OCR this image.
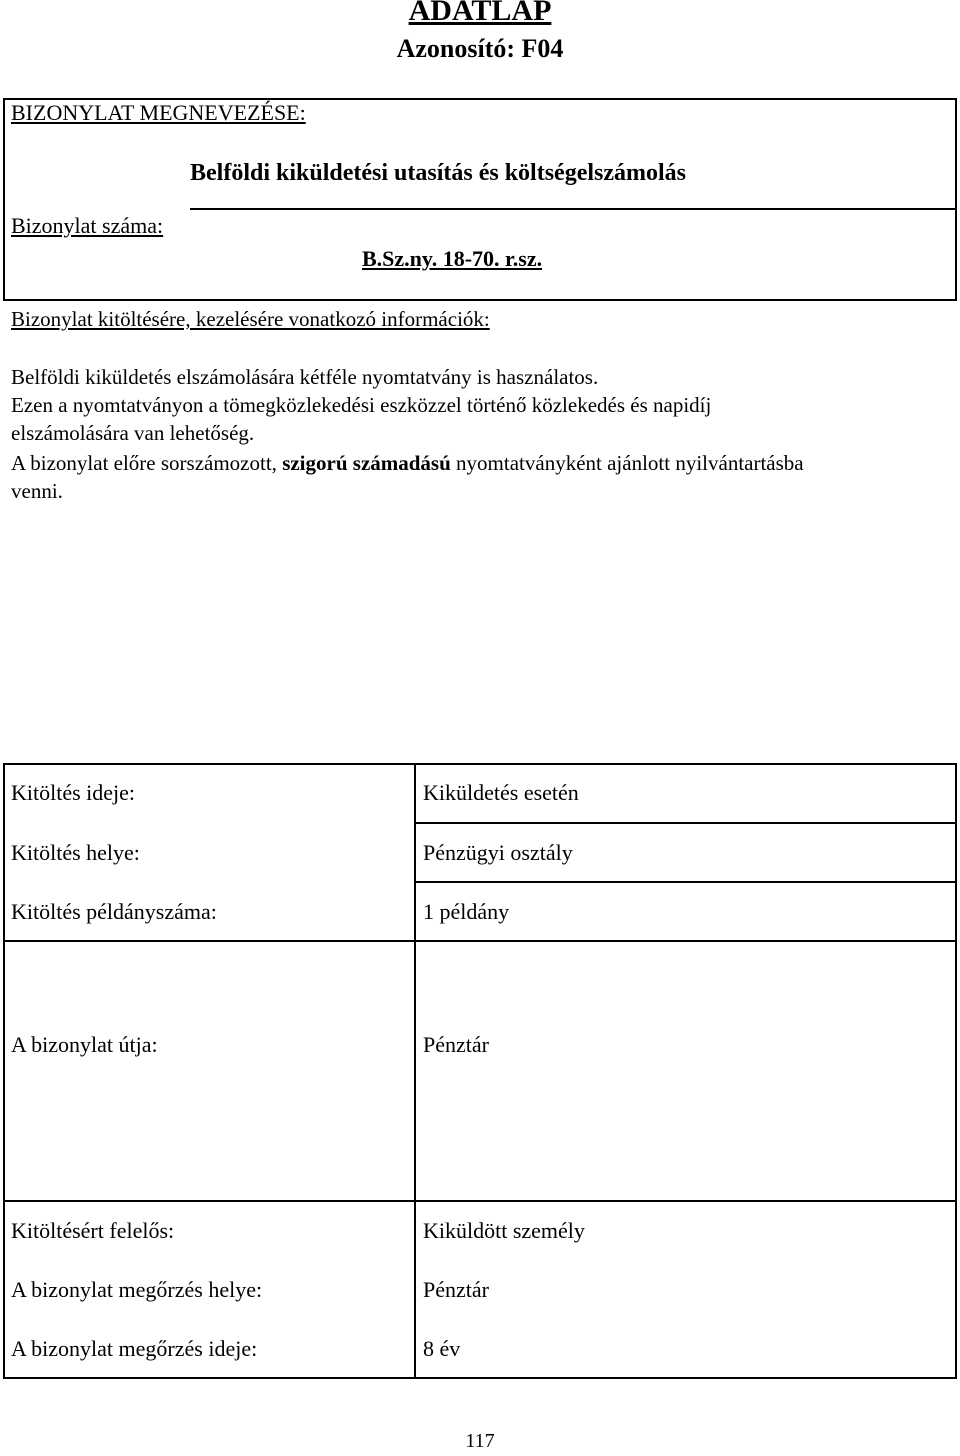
ADATLAP
Azonosító: F04
BIZONYLAT MEGNEVEZÉSE:
Belföldi kiküldetési utasítás és költségelszámolás
Bizonylat száma:
B.Sz.ny. 18-70. r.sz.
Bizonylat kitöltésére, kezelésére vonatkozó információk:

Belföldi kiküldetés elszámolására kétféle nyomtatvány is használatos.

Ezen a nyomtatványon a tömegközlekedési eszközzel történő közlekedés és napidíj

elszámolására van lehetőség.

A bizonylat előre sorszámozott, szigorú számadású nyomtatványként ajánlott nyilvántartásba

venni.

Kitöltés ideje:	Kiküldetés esetén
Kitöltés helye:	Pénzügyi osztály
Kitöltés példányszáma:	1 példány
A bizonylat útja:	Pénztár
Kitöltésért felelős:	Kiküldött személy
A bizonylat megőrzés helye:	Pénztár
A bizonylat megőrzés ideje:	8 év
117
